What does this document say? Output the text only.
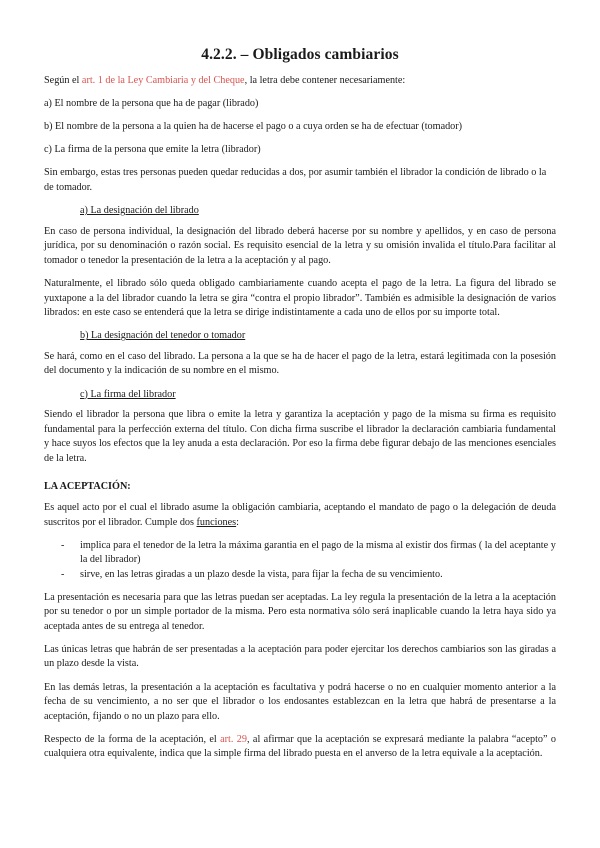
4.2.2. – Obligados cambiarios

Según el art. 1 de la Ley Cambiaria y del Cheque, la letra debe contener necesariamente:

a) El nombre de la persona que ha de pagar (librado)

b) El nombre de la persona a la quien ha de hacerse el pago o a cuya orden se ha de efectuar (tomador)

c) La firma de la persona que emite la letra (librador)

Sin embargo, estas tres personas pueden quedar reducidas a dos, por asumir también el librador la condición de librado o la de tomador.

a) La designación del librado

En caso de persona individual, la designación del librado deberá hacerse por su nombre y apellidos, y en caso de persona jurídica, por su denominación o razón social. Es requisito esencial de la letra y su omisión invalida el título.Para facilitar al tomador o tenedor la presentación de la letra a la aceptación y al pago.

Naturalmente, el librado sólo queda obligado cambiariamente cuando acepta el pago de la letra. La figura del librado se yuxtapone a la del librador cuando la letra se gira “contra el propio librador”. También es admisible la designación de varios librados: en este caso se entenderá que la letra se dirige indistintamente a cada uno de ellos por su importe total.

b) La designación del tenedor o tomador

Se hará, como en el caso del librado. La persona a la que se ha de hacer el pago de la letra, estará legitimada con la posesión del documento y la indicación de su nombre en el mismo.

c) La firma del librador

Siendo el librador la persona que libra o emite la letra y garantiza la aceptación y pago de la misma su firma es requisito fundamental para la perfección externa del título. Con dicha firma suscribe el librador la declaración cambiaria fundamental y hace suyos los efectos que la ley anuda a esta declaración. Por eso la firma debe figurar debajo de las menciones esenciales de la letra.

LA ACEPTACIÓN:

Es aquel acto por el cual el librado asume la obligación cambiaria, aceptando el mandato de pago o la delegación de deuda suscritos por el librador. Cumple dos funciones:

- implica para el tenedor de la letra la máxima garantia en el pago de la misma al existir dos firmas ( la del aceptante y la del librador)
- sirve, en las letras giradas a un plazo desde la vista, para fijar la fecha de su vencimiento.

La presentación es necesaria para que las letras puedan ser aceptadas. La ley regula la presentación de la letra a la aceptación por su tenedor o por un simple portador de la misma. Pero esta normativa sólo será inaplicable cuando la letra haya sido ya aceptada antes de su entrega al tenedor.

Las únicas letras que habrán de ser presentadas a la aceptación para poder ejercitar los derechos cambiarios son las giradas a un plazo desde la vista.

En las demás letras, la presentación a la aceptación es facultativa y podrá hacerse o no en cualquier momento anterior a la fecha de su vencimiento, a no ser que el librador o los endosantes establezcan en la letra que habrá de presentarse a la aceptación, fijando o no un plazo para ello.

Respecto de la forma de la aceptación, el art. 29, al afirmar que la aceptación se expresará mediante la palabra “acepto” o cualquiera otra equivalente, indica que la simple firma del librado puesta en el anverso de la letra equivale a la aceptación.
